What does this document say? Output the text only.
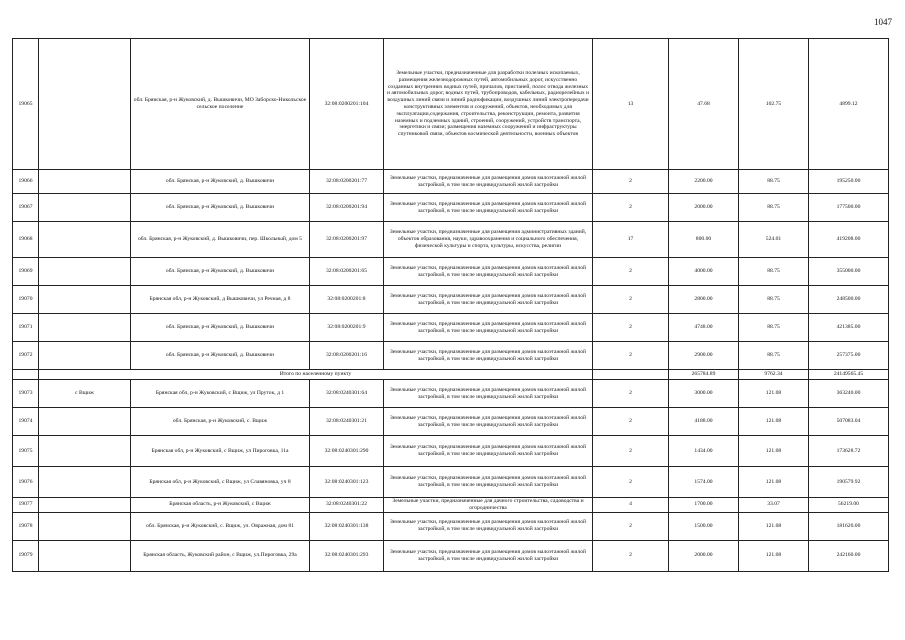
1047
19065		обл. Брянская, р-н Жуковский, д. Вышковичи, МО Заборско-Никольское сельское поселение	32:08:0200201:104	Земельные участки, предназначенные для разработки полезных ископаемых, размещения железнодорожных путей, автомобильных дорог, искусственно созданных внутренних водных путей, причалов, пристаней, полос отвода железных и автомобильных дорог, водных путей, трубопроводов, кабельных, радиорелейных и воздушных линий связи и линий радиофикации, воздушных линий электропередачи конструктивных элементов и сооружений, объектов, необходимых для эксплуатации,содержания, строительства, реконструкции, ремонта, развития наземных и подземных зданий, строений, сооружений, устройств транспорта, энергетики и связи; размещения наземных сооружений и инфраструктуры спутниковой связи, объектов космической деятельности, военных объектов	13	47.68	102.75	4899.12
19066		обл. Брянская, р-н Жуковский, д. Вышковичи	32:08:0200201:77	Земельные участки, предназначенные для размещения домов малоэтажной жилой застройкой, в том числе индивидуальной жилой застройки	2	2200.00	88.75	195250.00
19067		обл. Брянская, р-н Жуковский, д. Вышковичи	32:08:0200201:94	Земельные участки, предназначенные для размещения домов малоэтажной жилой застройкой, в том числе индивидуальной жилой застройки	2	2000.00	88.75	177500.00
19068		обл. Брянская, р-н Жуковский, д. Вышковичи, пер. Школьный, дом 5	32:08:0200201:97	Земельные участки, предназначенные для размещения административных зданий, объектов образования, науки, здравоохранения и социального обеспечения, физической культуры и спорта, культуры, искусства, религии	17	800.00	524.01	419208.00
19069		обл. Брянская, р-н Жуковский, д. Вышковичи	32:08:0200201:65	Земельные участки, предназначенные для размещения домов малоэтажной жилой застройкой, в том числе индивидуальной жилой застройки	2	4000.00	88.75	355000.00
19070		Брянская обл, р-н Жуковский, д Вышковичи, ул Речная, д 8	32:08:0200201:8	Земельные участки, предназначенные для размещения домов малоэтажной жилой застройкой, в том числе индивидуальной жилой застройки	2	2800.00	88.75	248500.00
19071		обл. Брянская, р-н Жуковский, д. Вышковичи	32:08:0200201:9	Земельные участки, предназначенные для размещения домов малоэтажной жилой застройкой, в том числе индивидуальной жилой застройки	2	4748.00	88.75	421385.00
19072		обл. Брянская, р-н Жуковский, д. Вышковичи	32:08:0200201:16	Земельные участки, предназначенные для размещения домов малоэтажной жилой застройкой, в том числе индивидуальной жилой застройки	2	2900.00	88.75	257375.00
	Итого по населенному пункту					265784.89	9762.34	24149565.45
19073	с Вщиж	Брянская обл, р-н Жуковский, с Вщиж, ул Пруток, д 1	32:08:0240301:64	Земельные участки, предназначенные для размещения домов малоэтажной жилой застройкой, в том числе индивидуальной жилой застройки	2	3000.00	121.08	363240.00
19074		обл. Брянская, р-н Жуковский, с. Вщиж	32:08:0240301:21	Земельные участки, предназначенные для размещения домов малоэтажной жилой застройкой, в том числе индивидуальной жилой застройки	2	4188.00	121.08	507083.04
19075		Брянская обл, р-н Жуковский, с Вщиж, ул Пироговка, 11а	32:08:0240301:290	Земельные участки, предназначенные для размещения домов малоэтажной жилой застройкой, в том числе индивидуальной жилой застройки	2	1434.00	121.08	173628.72
19076		Брянская обл, р-н Жуковский, с Вщиж, ул Славяновка, уч 8	32:08:0240301:123	Земельные участки, предназначенные для размещения домов малоэтажной жилой застройкой, в том числе индивидуальной жилой застройки	2	1574.00	121.08	190579.92
19077		Брянская область, р-н Жуковский, с Вщиж	32:08:0240301:22	Земельные участки, предназначенные для дачного строительства, садоводства и огородничества	4	1700.00	33.07	56219.00
19078		обл. Брянская, р-н Жуковский, с. Вщиж, ул. Овражная, дом 81	32:08:0240301:138	Земельные участки, предназначенные для размещения домов малоэтажной жилой застройкой, в том числе индивидуальной жилой застройки	2	1500.00	121.08	181620.00
19079		Брянская область, Жуковский район, с Вщиж, ул.Пироговка, 29а	32:08:0240301:293	Земельные участки, предназначенные для размещения домов малоэтажной жилой застройкой, в том числе индивидуальной жилой застройки	2	2000.00	121.08	242160.00
